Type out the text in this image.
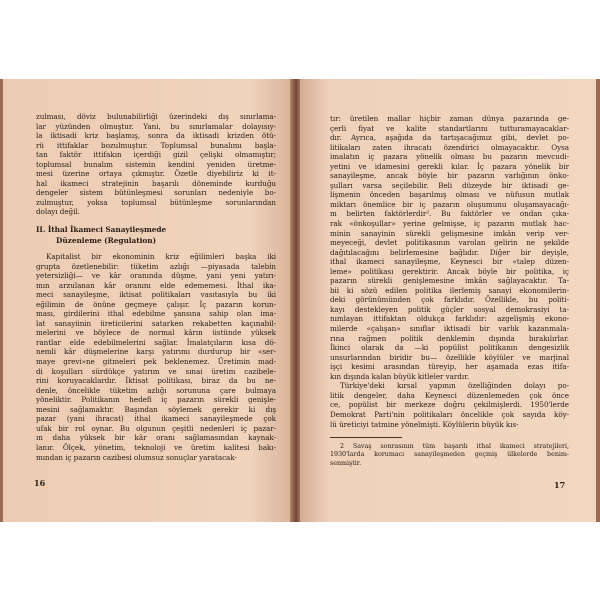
zulması, döviz bulunabilirliği üzerindeki dış sınırlama-
lar yüzünden olmuştur. Yani, bu sınırlamalar dolayısıy-
la iktisadi kriz başlamış, sonra da iktisadi krizden ötü-
rü ittifaklar bozulmuştur. Toplumsal bunalımı başla-
tan faktör ittifakın içerdiği gizil çelişki olmamıştır;
toplumsal bunalım sistemin kendini yeniden üretme-
mesi üzerine ortaya çıkmıştır. Özetle diyebiliriz ki it-
hal ikameci stratejinin başarılı döneminde kurduğu
dengeler sistem bütünleşmesi sorunları nedeniyle bo-
zulmuştur, yoksa toplumsal bütünleşme sorunlarından
dolayı değil.
II. İthal İkameci Sanayileşmede
Düzenleme (Regulation)
Kapitalist bir ekonominin kriz eğilimleri başka iki
grupta özetlenebilir: tüketim azlığı —piyasada talebin
yetersizliği— ve kâr oranında düşme, yani yeni yatırı-
mın arzulanan kâr oranını elde edememesi. İthal ika-
meci sanayileşme, iktisat politikaları vasıtasıyla bu iki
eğilimin de önüne geçmeye çalışır. İç pazarın korun-
ması, girdilerini ithal edebilme şansına sahip olan ima-
lat sanayiinin üreticilerini satarken rekabetten kaçınabil-
melerini ve böylece de normal kârın üstünde yüksek
rantlar elde edebilmelerini sağlar. İmalatçıların kısa dö-
nemli kâr düşmelerine karşı yatırımı durdurup bir «ser-
maye grevi»ne gitmeleri pek beklenemez. Üretimin mad-
di koşulları sürdükçe yatırım ve sınai üretim cazibele-
rini koruyacaklardır. İktisat politikası, biraz da bu ne-
denle, öncelikle tüketim azlığı sorununa çare bulmaya
yöneliktir. Politikanın hedefi iç pazarın sürekli genişle-
mesini sağlamaktır. Başından söylemek gerekir ki dış
pazar (yani ihracat) ithal ikameci sanayileşmede çok
ufak bir rol oynar. Bu olgunun çeşitli nedenleri iç pazar-
ın daha yüksek bir kâr oranı sağlamasından kaynak-
lanır. Ölçek, yönetim, teknoloji ve üretim kalitesi bakı-
mından iç pazarın cazibesi olumsuz sonuçlar yaratacak-
16
tır: üretilen mallar hiçbir zaman dünya pazarında ge-
çerli fiyat ve kalite standartlarını tutturamayacaklar-
dır. Ayrıca, aşağıda da tartışacağımız gibi, devlet po-
litikaları zaten ihracatı özendirici olmayacaktır. Oysa
imalatın iç pazara yönelik olması bu pazarın mevcudi-
yetini ve idamesini gerekli kılar. İç pazara yönelik bir
sanayileşme, ancak böyle bir pazarın varlığının önko-
şulları varsa seçilebilir. Beli düzeyde bir iktisadi ge-
lişmenin önceden başarılmış olması ve nüfusun mutlak
miktarı önemlice bir iç pazarın oluşumunu oluşamayacağı-
m belirten faktörlerdir². Bu faktörler ve ondan çıka-
rak «önkoşullar» yerine gelmişse, iç pazarın mutlak hac-
minin sanayinin sürekli gelişmesine imkân verip ver-
meyeceği, devlet politikasının varolan gelirin ne şekilde
dağıtılacağını belirlemesine bağlıdır. Diğer bir deyişle,
ithal ikameci sanayileşme, Keynesci bir «talep düzen-
leme» politikası gerektirir. Ancak böyle bir politika, iç
pazarın sürekli genişlemesine imkân sağlayacaktır. Ta-
bii ki sözü edilen politika ilerlemiş sanayi ekonomilerin-
deki görünümünden çok farklıdır. Özellikle, bu politi-
kayı destekleyen politik güçler sosyal demokrasiyi ta-
nımlayan ittifaktan oldukça farklıdır: azgelişmiş ekono-
milerde «çalışan» sınıflar iktisadi bir varlık kazanmala-
rına rağmen politik denklemin dışında bırakılırlar.
İkinci olarak da —ki popülist politikanın dengesizlik
unsurlarından biridir bu— özellikle köylüler ve marjinal
işçi kesimi arasından türeyip, her aşamada ezas itifa-
kın dışında kalan büyük kitleler vardır.
Türkiye'deki kırsal yapının özelliğinden dolayı po-
litik dengeler, daha Keynesci düzenlemeden çok önce
ce, popülist bir merkeze doğru çekilmişlerdi. 1950'lerde
Demokrat Parti'nin politikaları öncelikle çok sayıda köy-
lü üreticiyi tatmine yönelmişti. Köylülerin büyük kıs-
2 Savaş sonrasının tüm başarılı ithal ikameci stratejileri,
1930'larda korumacı sanayileşmeden geçmiş ülkelerde benim-
senmiştir.
17
